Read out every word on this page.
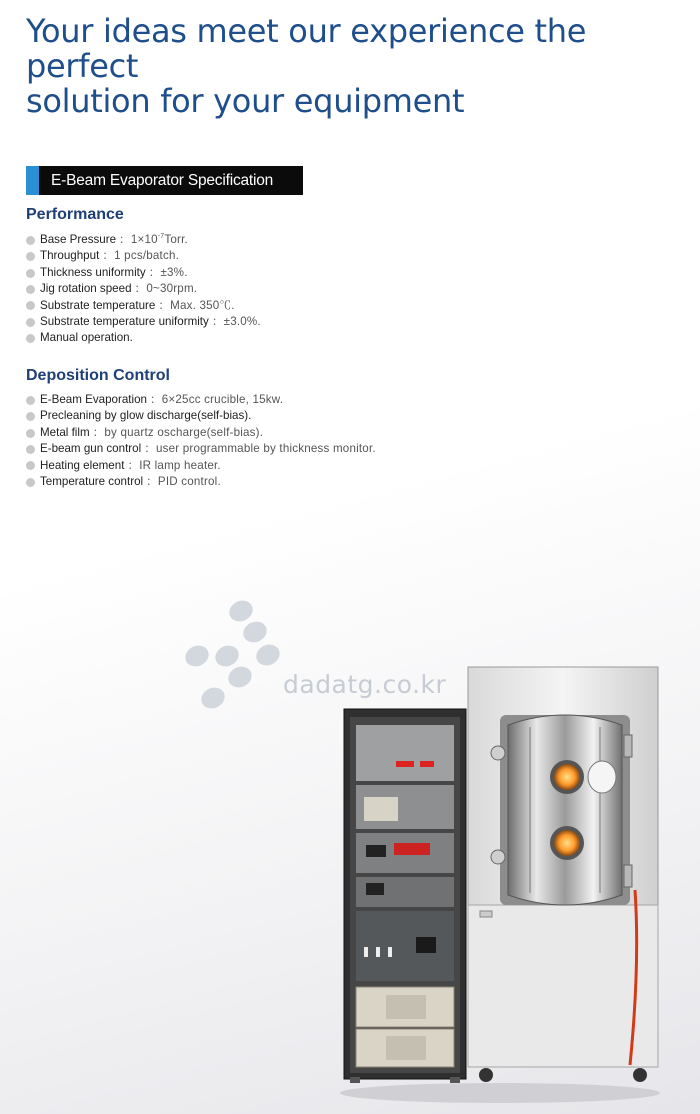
Your ideas meet our experience the perfect
solution for your equipment
E-Beam Evaporator Specification
Performance
Base Pressure ：$1\times 10^{-7}Torr$.
Throughput ：1 pcs/batch.
Thickness uniformity ：±3%.
Jig rotation speed ：0~30rpm.
Substrate temperature ：Max. 350℃.
Substrate temperature uniformity ：±3.0%.
Manual operation.
Deposition Control
E-Beam Evaporation ：6×25cc crucible, 15kw.
Precleaning by glow discharge(self-bias).
Metal film ：by quartz oscharge(self-bias).
E-beam gun control ：user programmable by thickness monitor.
Heating element ：IR lamp heater.
Temperature control ：PID control.
dadatg.co.kr
